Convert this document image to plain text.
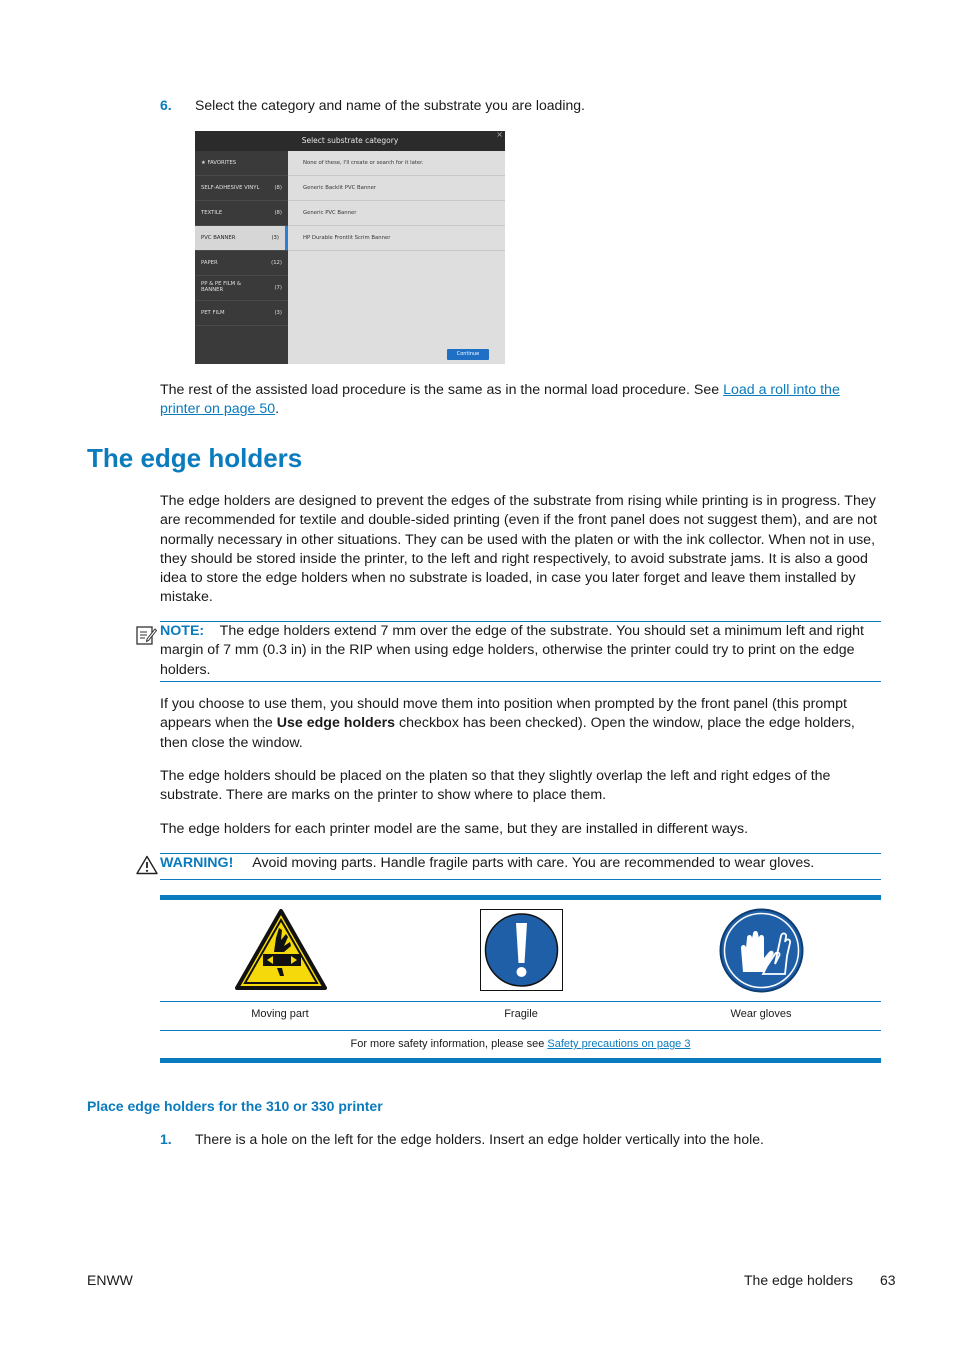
6. Select the category and name of the substrate you are loading.
Select substrate category
×
★ FAVORITES
SELF-ADHESIVE VINYL	(8)
TEXTILE	(8)
PVC BANNER	(3)
PAPER	(12)
PP & PE FILM &
BANNER	(7)
PET FILM	(3)
None of these, I'll create or search for it later.
Generic Backlit PVC Banner
Generic PVC Banner
HP Durable Frontlit Scrim Banner
Continue

The rest of the assisted load procedure is the same as in the normal load procedure. See Load a roll into the printer on page 50.

The edge holders

The edge holders are designed to prevent the edges of the substrate from rising while printing is in progress. They are recommended for textile and double-sided printing (even if the front panel does not suggest them), and are not normally necessary in other situations. They can be used with the platen or with the ink collector. When not in use, they should be stored inside the printer, to the left and right respectively, to avoid substrate jams. It is also a good idea to store the edge holders when no substrate is loaded, in case you later forget and leave them installed by mistake.

NOTE: The edge holders extend 7 mm over the edge of the substrate. You should set a minimum left and right margin of 7 mm (0.3 in) in the RIP when using edge holders, otherwise the printer could try to print on the edge holders.

If you choose to use them, you should move them into position when prompted by the front panel (this prompt appears when the Use edge holders checkbox has been checked). Open the window, place the edge holders, then close the window.

The edge holders should be placed on the platen so that they slightly overlap the left and right edges of the substrate. There are marks on the printer to show where to place them.

The edge holders for each printer model are the same, but they are installed in different ways.

WARNING! Avoid moving parts. Handle fragile parts with care. You are recommended to wear gloves.

Moving part	Fragile	Wear gloves
For more safety information, please see Safety precautions on page 3
Place edge holders for the 310 or 330 printer
1. There is a hole on the left for the edge holders. Insert an edge holder vertically into the hole.
ENWW	The edge holders 63
